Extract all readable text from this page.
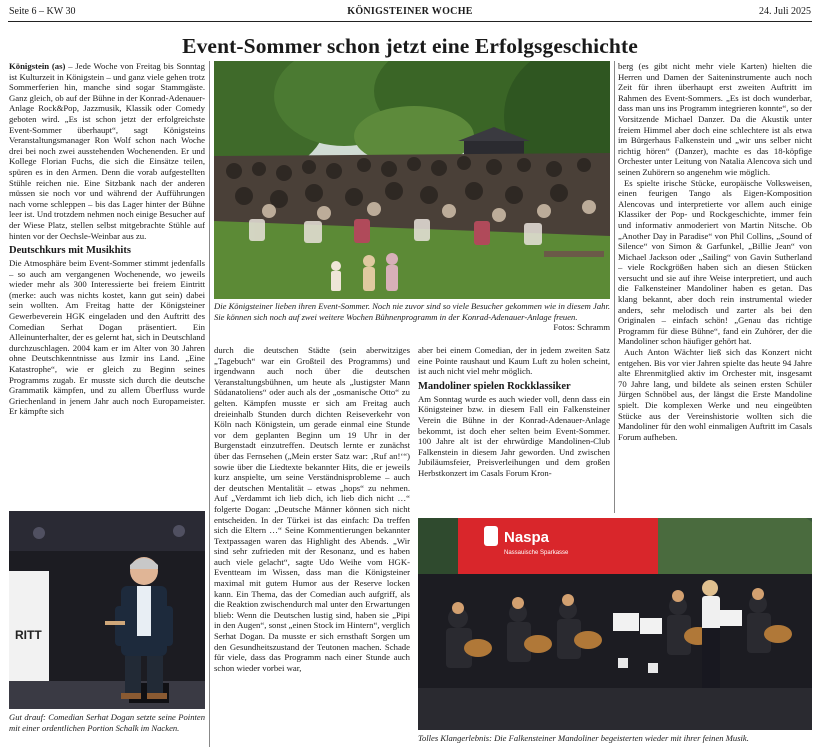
Seite 6 – KW 30	KÖNIGSTEINER WOCHE	24. Juli 2025
Event-Sommer schon jetzt eine Erfolgsgeschichte

Königstein (as) – Jede Woche von Freitag bis Sonntag ist Kulturzeit in Königstein – und ganz viele gehen trotz Sommerferien hin, manche sind sogar Stammgäste. Ganz gleich, ob auf der Bühne in der Konrad-Adenauer-Anlage Rock&Pop, Jazzmusik, Klassik oder Comedy geboten wird. „Es ist schon jetzt der erfolgreichste Event-Sommer überhaupt“, sagt Königsteins Veranstaltungsmanager Ron Wolf schon nach Woche drei bei noch zwei ausstehenden Wochenenden. Er und Kollege Florian Fuchs, die sich die Einsätze teilen, spüren es in den Armen. Denn die vorab aufgestellten Stühle reichen nie. Eine Sitzbank nach der anderen müssen sie noch vor und während der Aufführungen nach vorne schleppen – bis das Lager hinter der Bühne leer ist. Und trotzdem nehmen noch einige Besucher auf der Wiese Platz, stellen selbst mitgebrachte Stühle auf hinten vor der Oechsle-Weinbar aus zu.

Deutschkurs mit Musikhits

Die Atmosphäre beim Event-Sommer stimmt jedenfalls – so auch am vergangenen Wochenende, wo jeweils wieder mehr als 300 Interessierte bei freiem Eintritt (merke: auch was nichts kostet, kann gut sein) dabei sein wollten. Am Freitag hatte der Königsteiner Gewerbeverein HGK eingeladen und den Auftritt des Comedian Serhat Dogan präsentiert. Ein Alleinunterhalter, der es gelernt hat, sich in Deutschland durchzuschlagen. 2004 kam er im Alter von 30 Jahren ohne Deutschkenntnisse aus Izmir ins Land. „Eine Katastrophe“, wie er gleich zu Beginn seines Programms zugab. Er musste sich durch die deutsche Grammatik kämpfen, und zu allem Überfluss wurde Griechenland in jenem Jahr auch noch Europameister. Er kämpfte sich

Die Königsteiner lieben ihren Event-Sommer. Noch nie zuvor sind so viele Besucher gekommen wie in diesem Jahr. Sie können sich noch auf zwei weitere Wochen Bühnenprogramm in der Konrad-Adenauer-Anlage freuen.
Fotos: Schramm

durch die deutschen Städte (sein aberwitziges „Tagebuch“ war ein Großteil des Programms) und irgendwann auch noch über die deutschen Veranstaltungsbühnen, um heute als „lustigster Mann Südanatoliens“ oder auch als der „osmanische Otto“ zu gelten. Kämpfen musste er sich am Freitag auch dreieinhalb Stunden durch dichten Reiseverkehr von Köln nach Königstein, um gerade einmal eine Stunde vor dem geplanten Beginn um 19 Uhr in der Burgenstadt einzutreffen. Deutsch lernte er zunächst über das Fernsehen („Mein erster Satz war: ‚Ruf an!‘“) sowie über die Liedtexte bekannter Hits, die er jeweils kurz anspielte, um seine Verständnisprobleme – auch der deutschen Mentalität – etwas „hops“ zu nehmen. Auf „Verdammt ich lieb dich, ich lieb dich nicht …“ folgerte Dogan: „Deutsche Männer können sich nicht entscheiden. In der Türkei ist das einfach: Da treffen sich die Eltern …“ Seine Kommentierungen bekannter Textpassagen waren das Highlight des Abends. „Wir sind sehr zufrieden mit der Resonanz, und es haben auch viele gelacht“, sagte Udo Weihe vom HGK-Eventteam im Wissen, dass man die Königsteiner maximal mit gutem Humor aus der Reserve locken kann. Ein Thema, das der Comedian auch aufgriff, als die Reaktion zwischendurch mal unter den Erwartungen blieb: Wenn die Deutschen lustig sind, haben sie „Pipi in den Augen“, sonst „einen Stock im Hintern“, verglich Serhat Dogan. Da musste er sich ernsthaft Sorgen um den Gesundheitszustand der Teutonen machen. Schade für viele, dass das Programm nach einer Stunde auch schon wieder vorbei war,

aber bei einem Comedian, der in jedem zweiten Satz eine Pointe raushaut und Kaum Luft zu holen scheint, ist auch nicht viel mehr möglich.

Mandoliner spielen Rockklassiker

Am Sonntag wurde es auch wieder voll, denn dass ein Königsteiner bzw. in diesem Fall ein Falkensteiner Verein die Bühne in der Konrad-Adenauer-Anlage bekommt, ist doch eher selten beim Event-Sommer. 100 Jahre alt ist der ehrwürdige Mandolinen-Club Falkenstein in diesem Jahr geworden. Und zwischen Jubiläumsfeier, Preisverleihungen und dem großen Herbstkonzert im Casals Forum Kron-

berg (es gibt nicht mehr viele Karten) hielten die Herren und Damen der Saiteninstrumente auch noch Zeit für ihren überhaupt erst zweiten Auftritt im Rahmen des Event-Sommers. „Es ist doch wunderbar, dass man uns ins Programm integrieren konnte“, so der Vorsitzende Michael Danzer. Da die Akustik unter freiem Himmel aber doch eine schlechtere ist als etwa im Bürgerhaus Falkenstein und „wir uns selber nicht richtig hören“ (Danzer), machte es das 18-köpfige Orchester unter Leitung von Natalia Alencova sich und seinen Zuhörern so angenehm wie möglich.

Es spielte irische Stücke, europäische Volksweisen, einen feurigen Tango als Eigen-Komposition Alencovas und interpretierte vor allem auch einige Klassiker der Pop- und Rockgeschichte, immer fein und informativ anmoderiert von Martin Nitsche. Ob „Another Day in Paradise“ von Phil Collins, „Sound of Silence“ von Simon & Garfunkel, „Billie Jean“ von Michael Jackson oder „Sailing“ von Gavin Sutherland – viele Rockgrößen haben sich an diesen Stücken versucht und sie auf ihre Weise interpretiert, und auch die Falkensteiner Mandoliner haben es getan. Das klang bekannt, aber doch rein instrumental wieder anders, sehr melodisch und zarter als bei den Originalen – einfach schön! „Genau das richtige Programm für diese Bühne“, fand ein Zuhörer, der die Mandoliner schon häufiger gehört hat.

Auch Anton Wächter ließ sich das Konzert nicht entgehen. Bis vor vier Jahren spielte das heute 94 Jahre alte Ehrenmitglied aktiv im Orchester mit, insgesamt 70 Jahre lang, und bildete als seinen ersten Schüler Jürgen Schnöbel aus, der längst die Erste Mandoline spielt. Die komplexen Werke und neu eingeübten Stücke aus der Vereinshistorie wollten sich die Mandoliner für den wohl einmaligen Auftritt im Casals Forum aufheben.

RITT
Gut drauf: Comedian Serhat Dogan setzte seine Pointen mit einer ordentlichen Portion Schalk im Nacken.
Naspa
Nassauische Sparkasse
Tolles Klangerlebnis: Die Falkensteiner Mandoliner begeisterten wieder mit ihrer feinen Musik.
